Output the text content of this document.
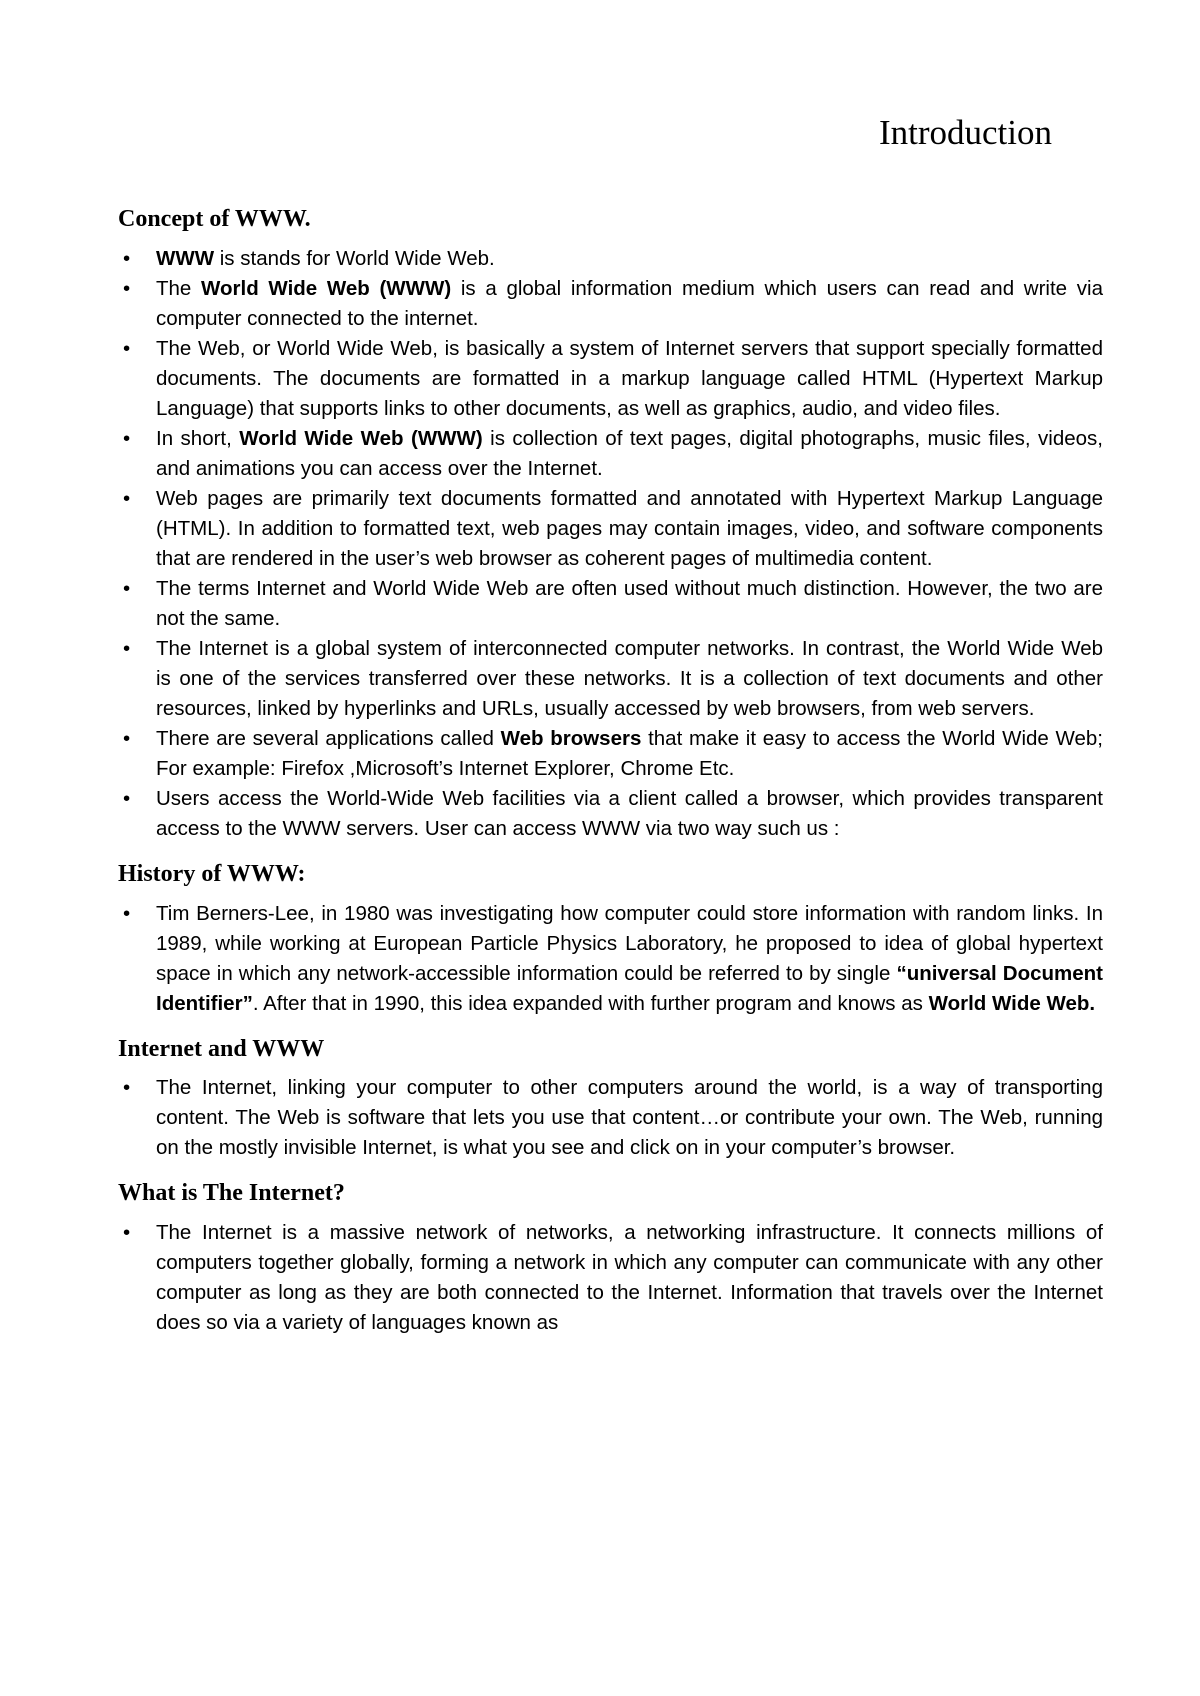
Introduction
Concept of WWW.
•	WWW is stands for World Wide Web.
•	The World Wide Web (WWW) is a global information medium which users can read and write via computer connected to the internet.
•	The Web, or World Wide Web, is basically a system of Internet servers that support specially formatted documents. The documents are formatted in a markup language called HTML (Hypertext Markup Language) that supports links to other documents, as well as graphics, audio, and video files.
•	In short, World Wide Web (WWW) is collection of text pages, digital photographs, music files, videos, and animations you can access over the Internet.
•	Web pages are primarily text documents formatted and annotated with Hypertext Markup Language (HTML). In addition to formatted text, web pages may contain images, video, and software components that are rendered in the user’s web browser as coherent pages of multimedia content.
•	The terms Internet and World Wide Web are often used without much distinction. However, the two are not the same.
•	The Internet is a global system of interconnected computer networks. In contrast, the World Wide Web is one of the services transferred over these networks. It is a collection of text documents and other resources, linked by hyperlinks and URLs, usually accessed by web browsers, from web servers.
•	There are several applications called Web browsers that make it easy to access the World Wide Web; For example: Firefox ,Microsoft’s Internet Explorer, Chrome Etc.
•	Users access the World-Wide Web facilities via a client called a browser, which provides transparent access to the WWW servers. User can access WWW via two way such us :
History of WWW:
•	Tim Berners-Lee, in 1980 was investigating how computer could store information with random links. In 1989, while working at European Particle Physics Laboratory, he proposed to idea of global hypertext space in which any network-accessible information could be referred to by single “universal Document Identifier”. After that in 1990, this idea expanded with further program and knows as World Wide Web.
Internet and WWW
•	The Internet, linking your computer to other computers around the world, is a way of transporting content. The Web is software that lets you use that content…or contribute your own. The Web, running on the mostly invisible Internet, is what you see and click on in your computer’s browser.
What is The Internet?
•	The Internet is a massive network of networks, a networking infrastructure. It connects millions of computers together globally, forming a network in which any computer can communicate with any other computer as long as they are both connected to the Internet. Information that travels over the Internet does so via a variety of languages known as
